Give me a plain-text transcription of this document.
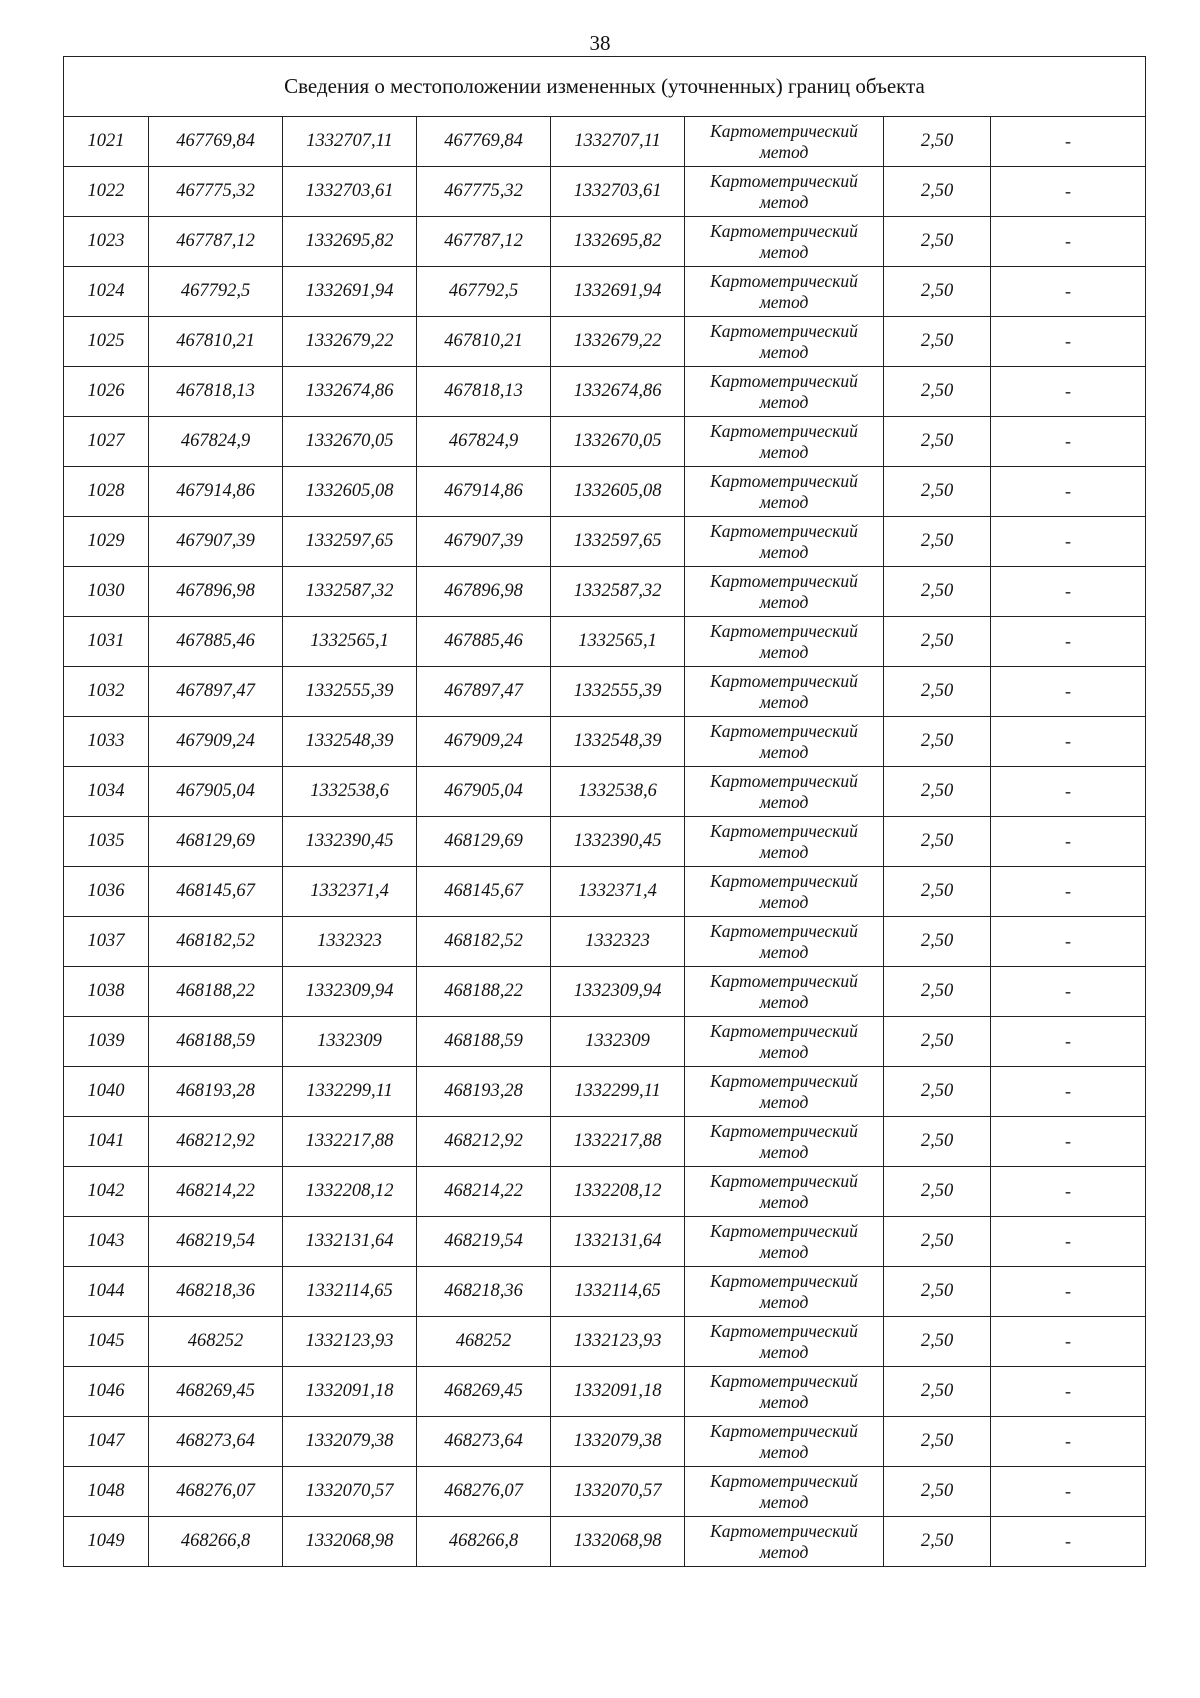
38
Сведения о местоположении измененных (уточненных) границ объекта							
1021	467769,84	1332707,11	467769,84	1332707,11	Картометрический метод	2,50	-
1022	467775,32	1332703,61	467775,32	1332703,61	Картометрический метод	2,50	-
1023	467787,12	1332695,82	467787,12	1332695,82	Картометрический метод	2,50	-
1024	467792,5	1332691,94	467792,5	1332691,94	Картометрический метод	2,50	-
1025	467810,21	1332679,22	467810,21	1332679,22	Картометрический метод	2,50	-
1026	467818,13	1332674,86	467818,13	1332674,86	Картометрический метод	2,50	-
1027	467824,9	1332670,05	467824,9	1332670,05	Картометрический метод	2,50	-
1028	467914,86	1332605,08	467914,86	1332605,08	Картометрический метод	2,50	-
1029	467907,39	1332597,65	467907,39	1332597,65	Картометрический метод	2,50	-
1030	467896,98	1332587,32	467896,98	1332587,32	Картометрический метод	2,50	-
1031	467885,46	1332565,1	467885,46	1332565,1	Картометрический метод	2,50	-
1032	467897,47	1332555,39	467897,47	1332555,39	Картометрический метод	2,50	-
1033	467909,24	1332548,39	467909,24	1332548,39	Картометрический метод	2,50	-
1034	467905,04	1332538,6	467905,04	1332538,6	Картометрический метод	2,50	-
1035	468129,69	1332390,45	468129,69	1332390,45	Картометрический метод	2,50	-
1036	468145,67	1332371,4	468145,67	1332371,4	Картометрический метод	2,50	-
1037	468182,52	1332323	468182,52	1332323	Картометрический метод	2,50	-
1038	468188,22	1332309,94	468188,22	1332309,94	Картометрический метод	2,50	-
1039	468188,59	1332309	468188,59	1332309	Картометрический метод	2,50	-
1040	468193,28	1332299,11	468193,28	1332299,11	Картометрический метод	2,50	-
1041	468212,92	1332217,88	468212,92	1332217,88	Картометрический метод	2,50	-
1042	468214,22	1332208,12	468214,22	1332208,12	Картометрический метод	2,50	-
1043	468219,54	1332131,64	468219,54	1332131,64	Картометрический метод	2,50	-
1044	468218,36	1332114,65	468218,36	1332114,65	Картометрический метод	2,50	-
1045	468252	1332123,93	468252	1332123,93	Картометрический метод	2,50	-
1046	468269,45	1332091,18	468269,45	1332091,18	Картометрический метод	2,50	-
1047	468273,64	1332079,38	468273,64	1332079,38	Картометрический метод	2,50	-
1048	468276,07	1332070,57	468276,07	1332070,57	Картометрический метод	2,50	-
1049	468266,8	1332068,98	468266,8	1332068,98	Картометрический метод	2,50	-
